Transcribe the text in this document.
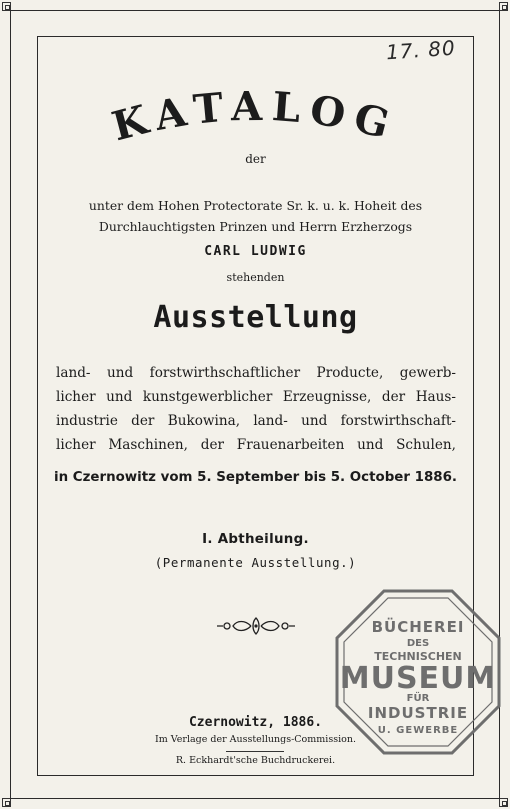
17. 80
KATALOG
der
unter dem Hohen Protectorate Sr. k. u. k. Hoheit des
Durchlauchtigsten Prinzen und Herrn Erzherzogs
CARL LUDWIG
stehenden
Ausstellung
land- und forstwirthschaftlicher Producte, gewerb-
licher und kunstgewerblicher Erzeugnisse, der Haus-
industrie der Bukowina, land- und forstwirthschaft-
licher Maschinen, der Frauenarbeiten und Schulen,
in Czernowitz vom 5. September bis 5. October 1886.
I. Abtheilung.
(Permanente Ausstellung.)
Czernowitz, 1886.
Im Verlage der Ausstellungs-Commission.
R. Eckhardt'sche Buchdruckerei.
BÜCHEREI
DES
TECHNISCHEN
MUSEUM
FÜR
INDUSTRIE
U. GEWERBE
